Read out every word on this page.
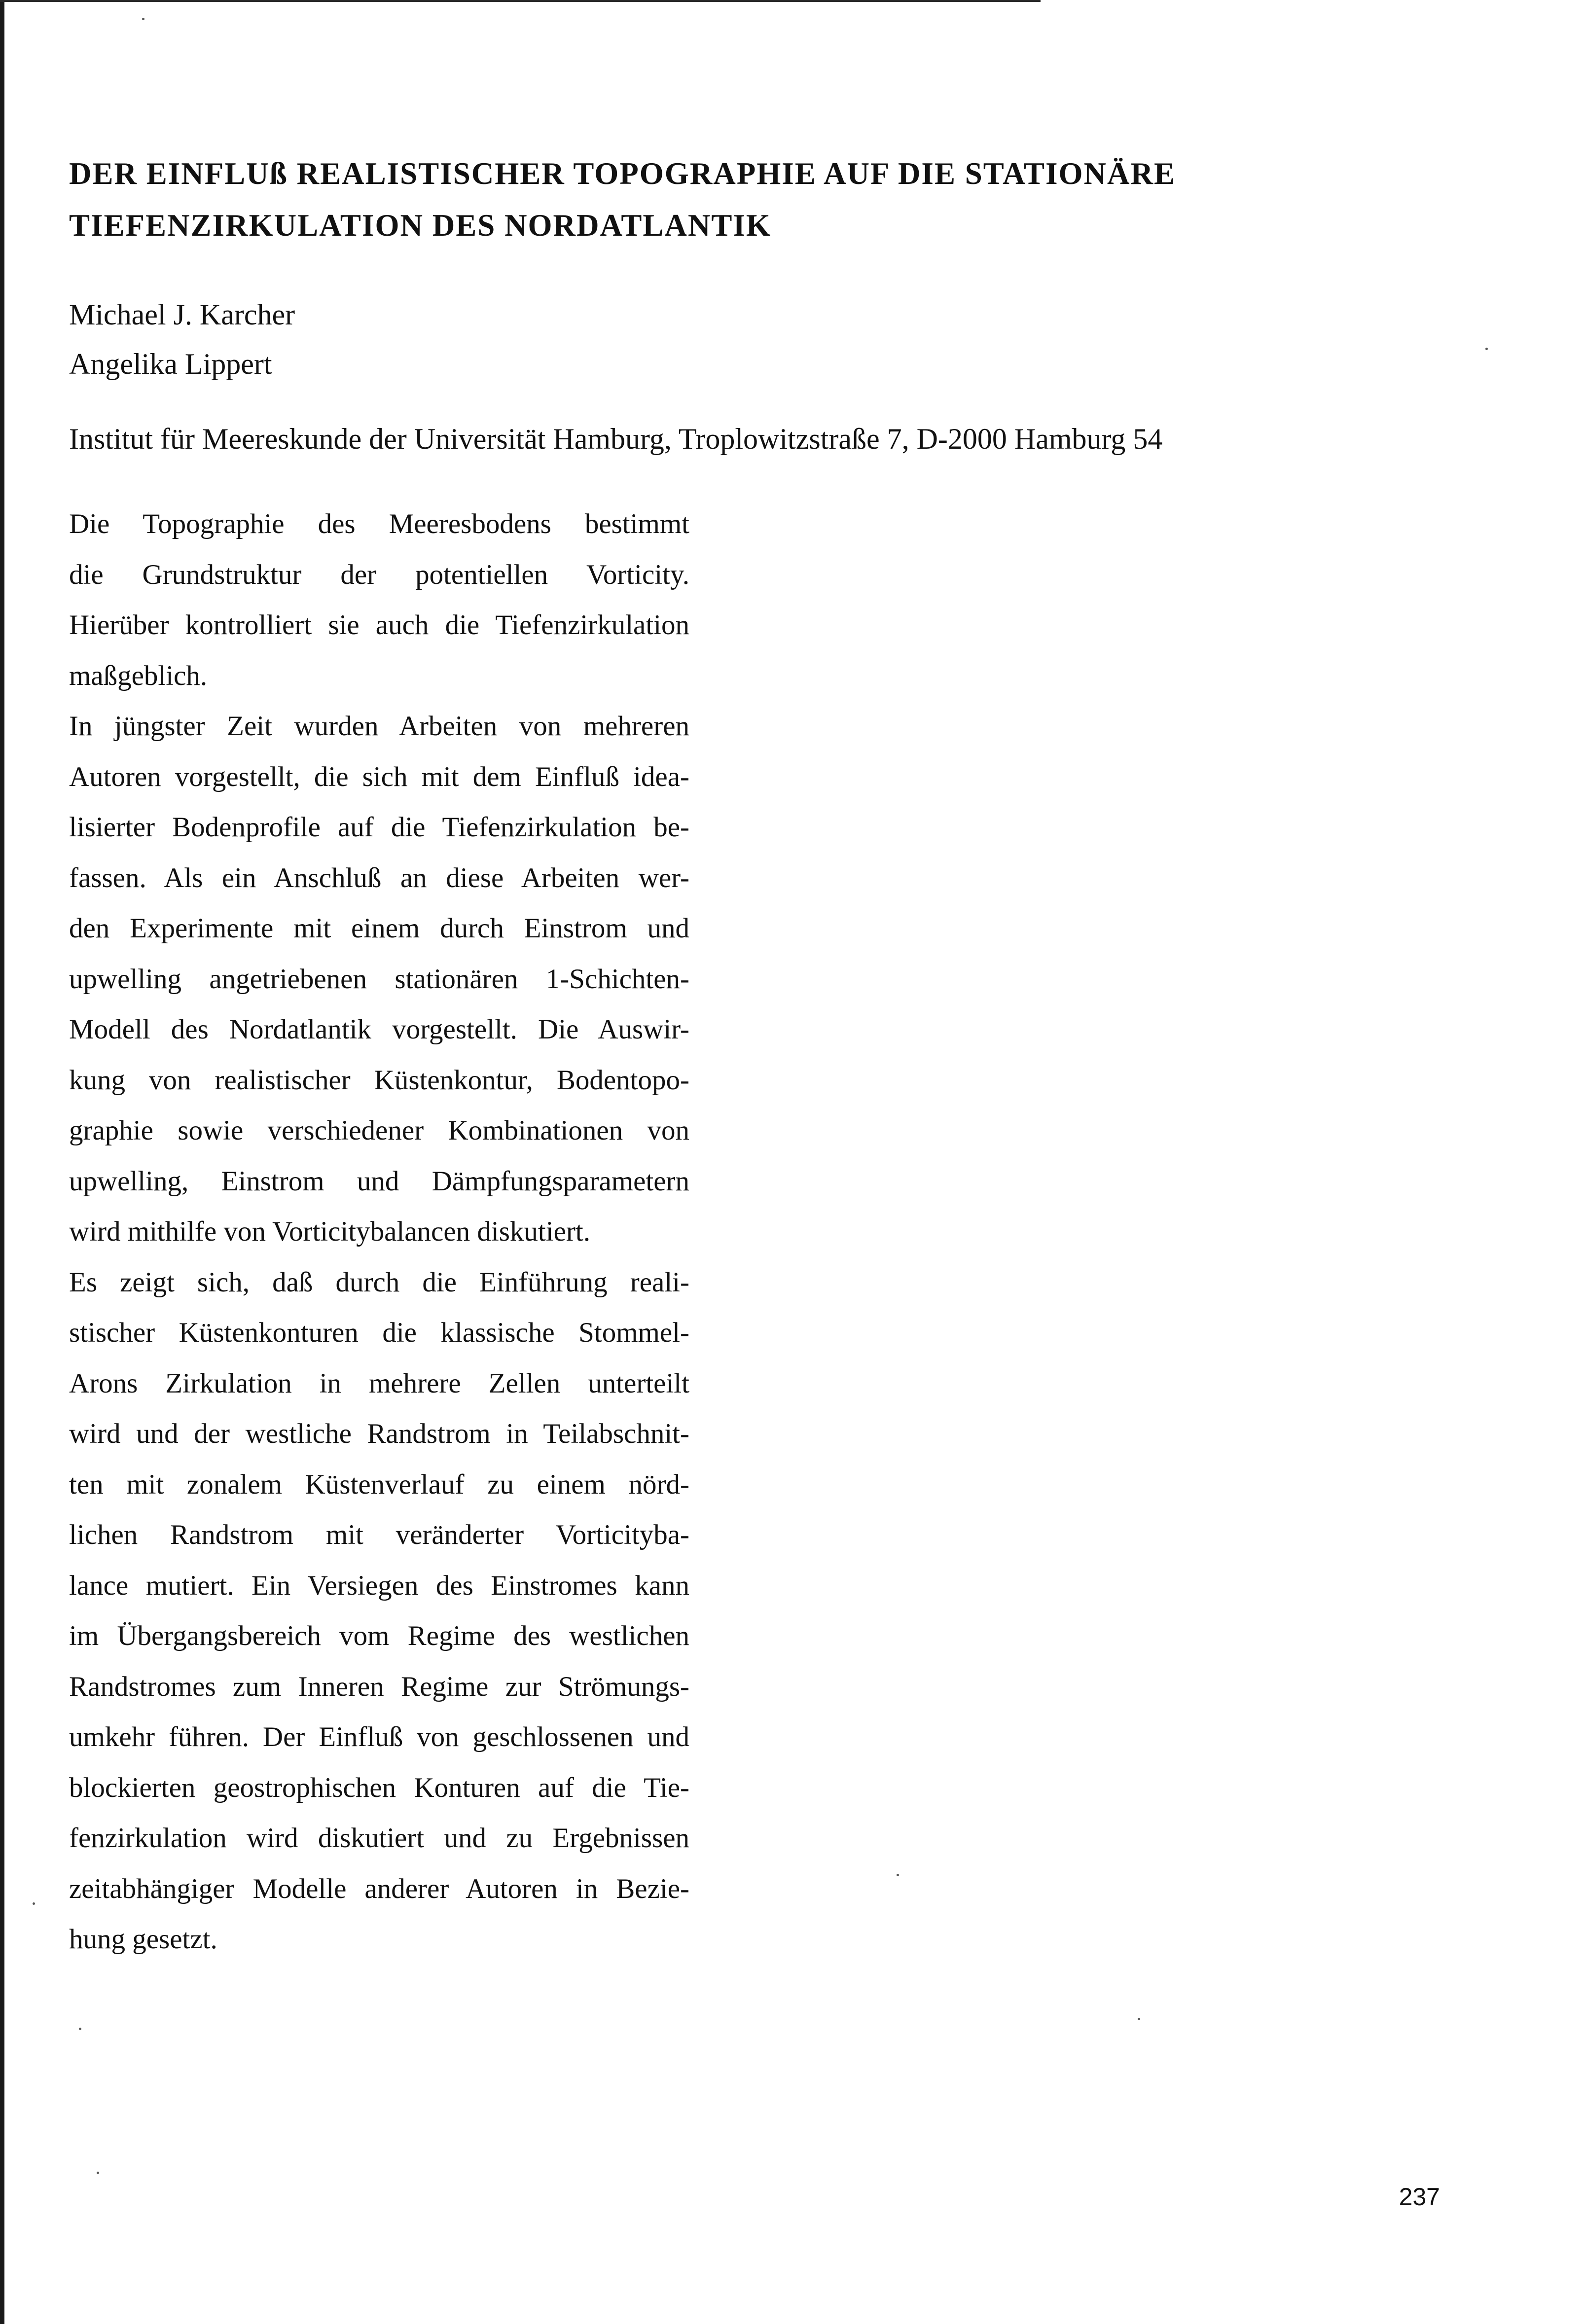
DER EINFLUß REALISTISCHER TOPOGRAPHIE AUF DIE STATIONÄRE
TIEFENZIRKULATION DES NORDATLANTIK
Michael J. Karcher
Angelika Lippert
Institut für Meereskunde der Universität Hamburg, Troplowitzstraße 7, D-2000 Hamburg 54
Die Topographie des Meeresbodens bestimmt
die Grundstruktur der potentiellen Vorticity.
Hierüber kontrolliert sie auch die Tiefenzirkulation
maßgeblich.
In jüngster Zeit wurden Arbeiten von mehreren
Autoren vorgestellt, die sich mit dem Einfluß idea-
lisierter Bodenprofile auf die Tiefenzirkulation be-
fassen. Als ein Anschluß an diese Arbeiten wer-
den Experimente mit einem durch Einstrom und
upwelling angetriebenen stationären 1-Schichten-
Modell des Nordatlantik vorgestellt. Die Auswir-
kung von realistischer Küstenkontur, Bodentopo-
graphie sowie verschiedener Kombinationen von
upwelling, Einstrom und Dämpfungsparametern
wird mithilfe von Vorticitybalancen diskutiert.
Es zeigt sich, daß durch die Einführung reali-
stischer Küstenkonturen die klassische Stommel-
Arons Zirkulation in mehrere Zellen unterteilt
wird und der westliche Randstrom in Teilabschnit-
ten mit zonalem Küstenverlauf zu einem nörd-
lichen Randstrom mit veränderter Vorticityba-
lance mutiert. Ein Versiegen des Einstromes kann
im Übergangsbereich vom Regime des westlichen
Randstromes zum Inneren Regime zur Strömungs-
umkehr führen. Der Einfluß von geschlossenen und
blockierten geostrophischen Konturen auf die Tie-
fenzirkulation wird diskutiert und zu Ergebnissen
zeitabhängiger Modelle anderer Autoren in Bezie-
hung gesetzt.
237
